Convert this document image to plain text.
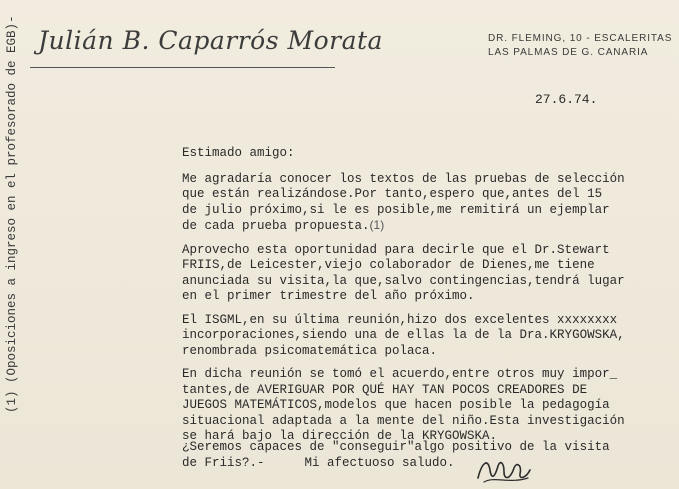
(1) (Oposiciones a ingreso en el profesorado de EGB)- Julián B. Caparrós Morata	DR. FLEMING, 10 - ESCALERITAS
LAS PALMAS DE G. CANARIA
27.6.74.

Estimado amigo:

Me agradaría conocer los textos de las pruebas de selección

que están realizándose.Por tanto,espero que,antes del 15

de julio próximo,si le es posible,me remitirá un ejemplar

de cada prueba propuesta.(1)

Aprovecho esta oportunidad para decirle que el Dr.Stewart

FRIIS,de Leicester,viejo colaborador de Dienes,me tiene

anunciada su visita,la que,salvo contingencias,tendrá lugar

en el primer trimestre del año próximo.

El ISGML,en su última reunión,hizo dos excelentes xxxxxxxx

incorporaciones,siendo una de ellas la de la Dra.KRYGOWSKA,

renombrada psicomatemática polaca.

En dicha reunión se tomó el acuerdo,entre otros muy impor_

tantes,de AVERIGUAR POR QUÉ HAY TAN POCOS CREADORES DE

JUEGOS MATEMÁTICOS,modelos que hacen posible la pedagogía

situacional adaptada a la mente del niño.Esta investigación

se hará bajo la dirección de la KRYGOWSKA.

¿Seremos capaces de "conseguir"algo positivo de la visita

de Friis?.-	Mi afectuoso saludo.
